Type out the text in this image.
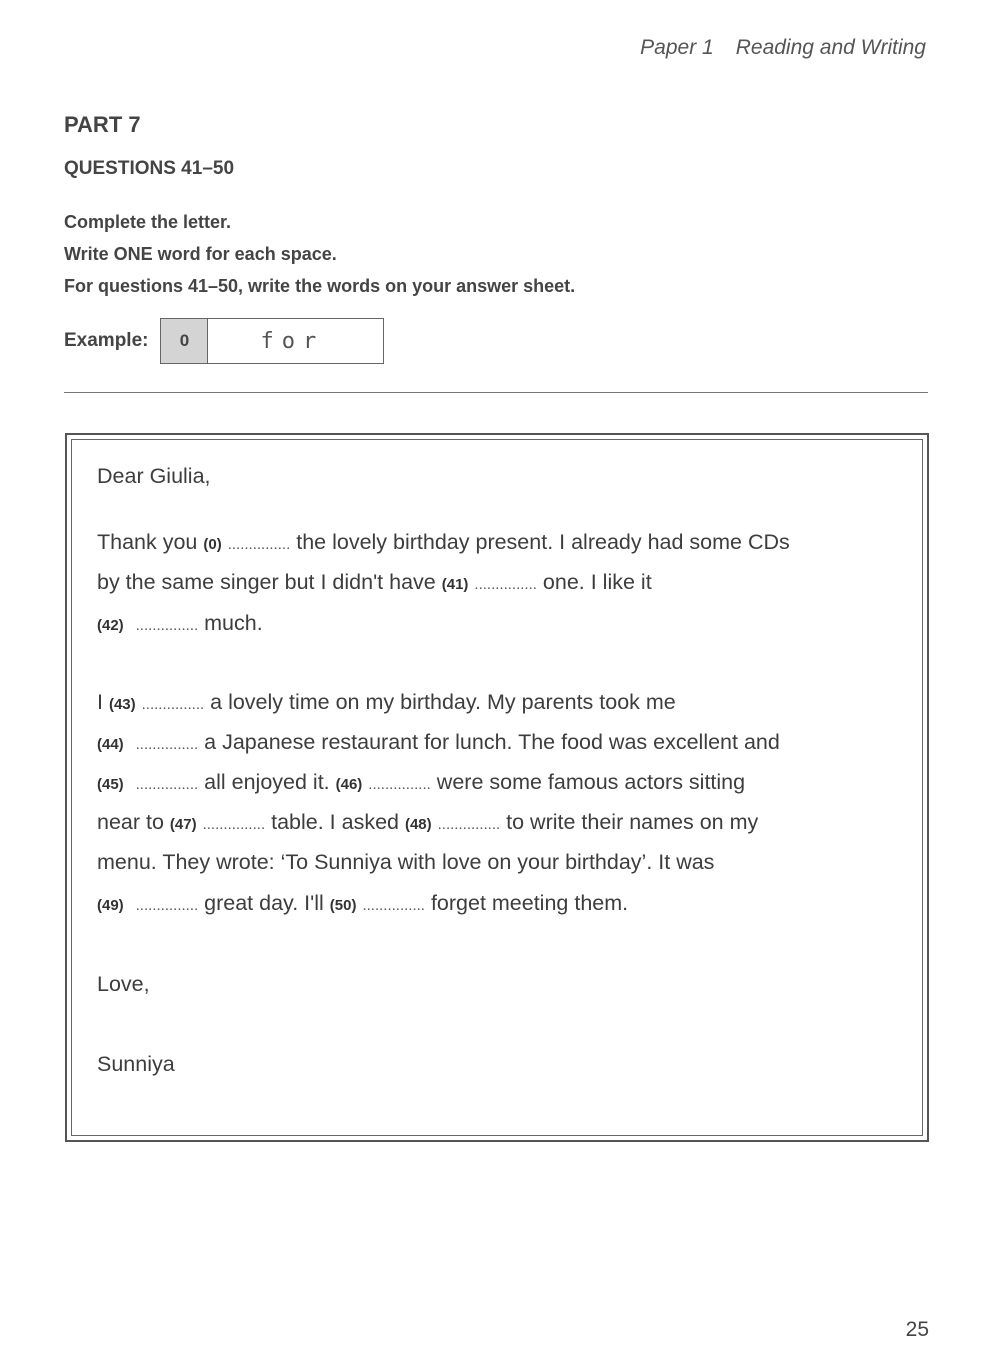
Paper 1 Reading and Writing
PART 7
QUESTIONS 41–50
Complete the letter.
Write ONE word for each space.
For questions 41–50, write the words on your answer sheet.
Example:	0	for
Dear Giulia,
Thank you (0) ............... the lovely birthday present. I already had some CDs
by the same singer but I didn't have (41) ............... one. I like it
(42) ............... much.
I (43) ............... a lovely time on my birthday. My parents took me
(44) ............... a Japanese restaurant for lunch. The food was excellent and
(45) ............... all enjoyed it. (46) ............... were some famous actors sitting
near to (47) ............... table. I asked (48) ............... to write their names on my
menu. They wrote: ‘To Sunniya with love on your birthday’. It was
(49) ............... great day. I'll (50) ............... forget meeting them.
Love,
Sunniya
25
